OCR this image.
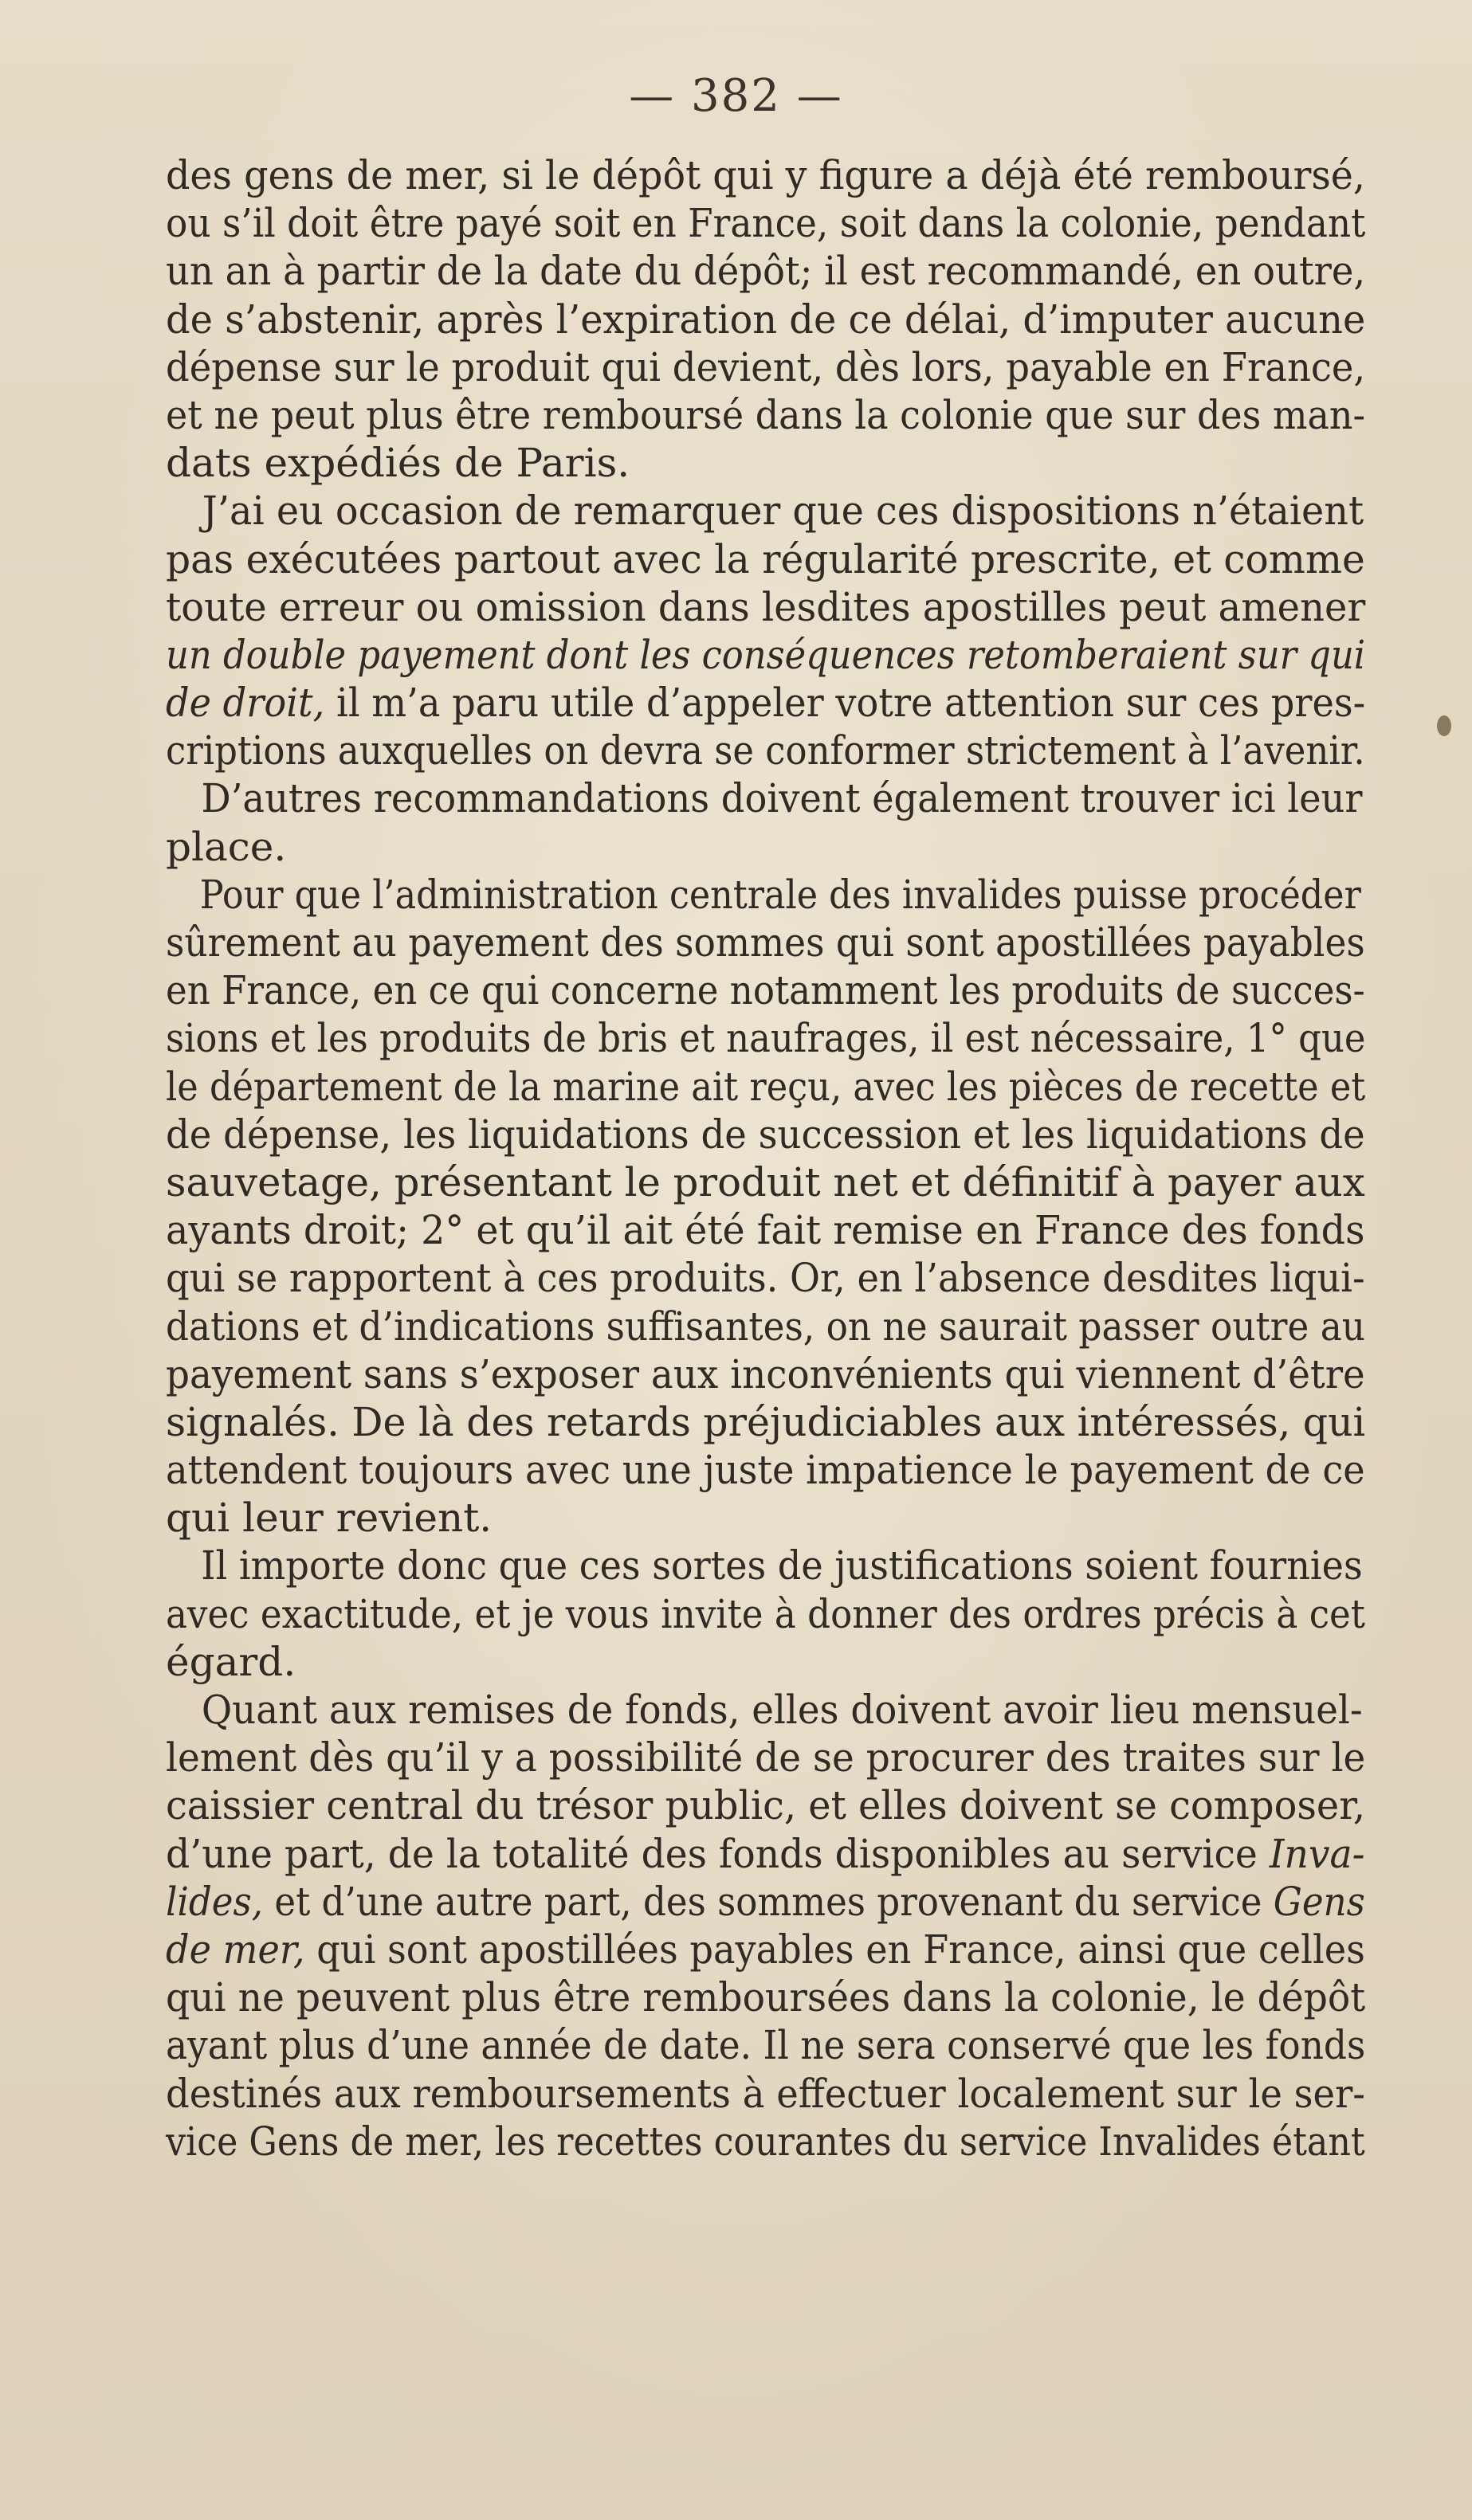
— 382 —
des gens de mer, si le dépôt qui y figure a déjà été remboursé,
ou s’il doit être payé soit en France, soit dans la colonie, pendant
un an à partir de la date du dépôt; il est recommandé, en outre,
de s’abstenir, après l’expiration de ce délai, d’imputer aucune
dépense sur le produit qui devient, dès lors, payable en France,
et ne peut plus être remboursé dans la colonie que sur des man-
dats expédiés de Paris.
J’ai eu occasion de remarquer que ces dispositions n’étaient
pas exécutées partout avec la régularité prescrite, et comme
toute erreur ou omission dans lesdites apostilles peut amener
un double payement dont les conséquences retomberaient sur qui
de droit, il m’a paru utile d’appeler votre attention sur ces pres-
criptions auxquelles on devra se conformer strictement à l’avenir.
D’autres recommandations doivent également trouver ici leur
place.
Pour que l’administration centrale des invalides puisse procéder
sûrement au payement des sommes qui sont apostillées payables
en France, en ce qui concerne notamment les produits de succes-
sions et les produits de bris et naufrages, il est nécessaire, 1° que
le département de la marine ait reçu, avec les pièces de recette et
de dépense, les liquidations de succession et les liquidations de
sauvetage, présentant le produit net et définitif à payer aux
ayants droit; 2° et qu’il ait été fait remise en France des fonds
qui se rapportent à ces produits. Or, en l’absence desdites liqui-
dations et d’indications suffisantes, on ne saurait passer outre au
payement sans s’exposer aux inconvénients qui viennent d’être
signalés. De là des retards préjudiciables aux intéressés, qui
attendent toujours avec une juste impatience le payement de ce
qui leur revient.
Il importe donc que ces sortes de justifications soient fournies
avec exactitude, et je vous invite à donner des ordres précis à cet
égard.
Quant aux remises de fonds, elles doivent avoir lieu mensuel-
lement dès qu’il y a possibilité de se procurer des traites sur le
caissier central du trésor public, et elles doivent se composer,
d’une part, de la totalité des fonds disponibles au service Inva-
lides, et d’une autre part, des sommes provenant du service Gens
de mer, qui sont apostillées payables en France, ainsi que celles
qui ne peuvent plus être remboursées dans la colonie, le dépôt
ayant plus d’une année de date. Il ne sera conservé que les fonds
destinés aux remboursements à effectuer localement sur le ser-
vice Gens de mer, les recettes courantes du service Invalides étant
